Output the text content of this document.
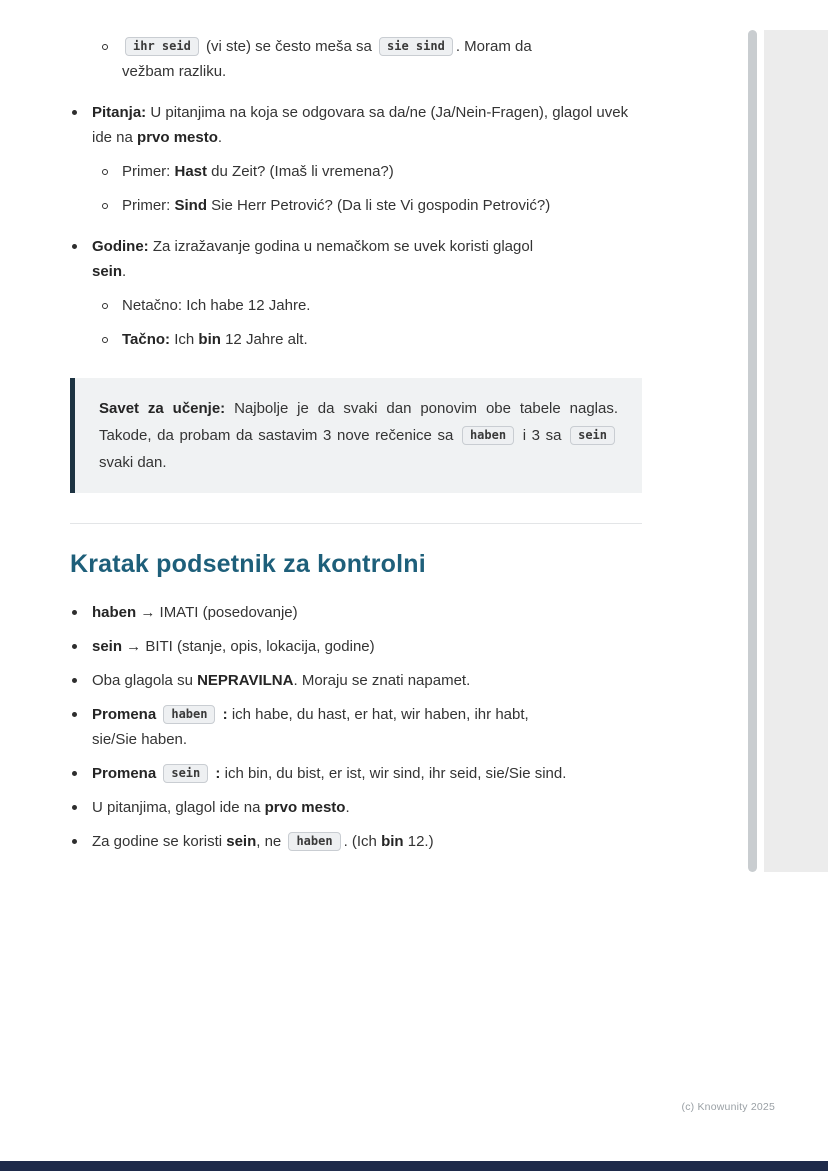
ihr seid (vi ste) se često meša sa sie sind . Moram da
vežbam razliku.
Pitanja: U pitanjima na koja se odgovara sa da/ne (Ja/Nein-Fragen), glagol uvek ide na prvo mesto.
Primer: Hast du Zeit? (Imaš li vremena?)
Primer: Sind Sie Herr Petrović? (Da li ste Vi gospodin Petrović?)
Godine: Za izražavanje godina u nemačkom se uvek koristi glagol
sein.
Netačno: Ich habe 12 Jahre.
Tačno: Ich bin 12 Jahre alt.

Savet za učenje: Najbolje je da svaki dan ponovim obe tabele naglas. Takode, da probam da sastavim 3 nove rečenice sa haben i 3 sa sein svaki dan.

Kratak podsetnik za kontrolni
haben → IMATI (posedovanje)
sein → BITI (stanje, opis, lokacija, godine)
Oba glagola su NEPRAVILNA. Moraju se znati napamet.
Promena haben : ich habe, du hast, er hat, wir haben, ihr habt,
sie/Sie haben.
Promena sein : ich bin, du bist, er ist, wir sind, ihr seid, sie/Sie sind.
U pitanjima, glagol ide na prvo mesto.
Za godine se koristi sein, ne haben . (Ich bin 12.)
(c) Knowunity 2025
